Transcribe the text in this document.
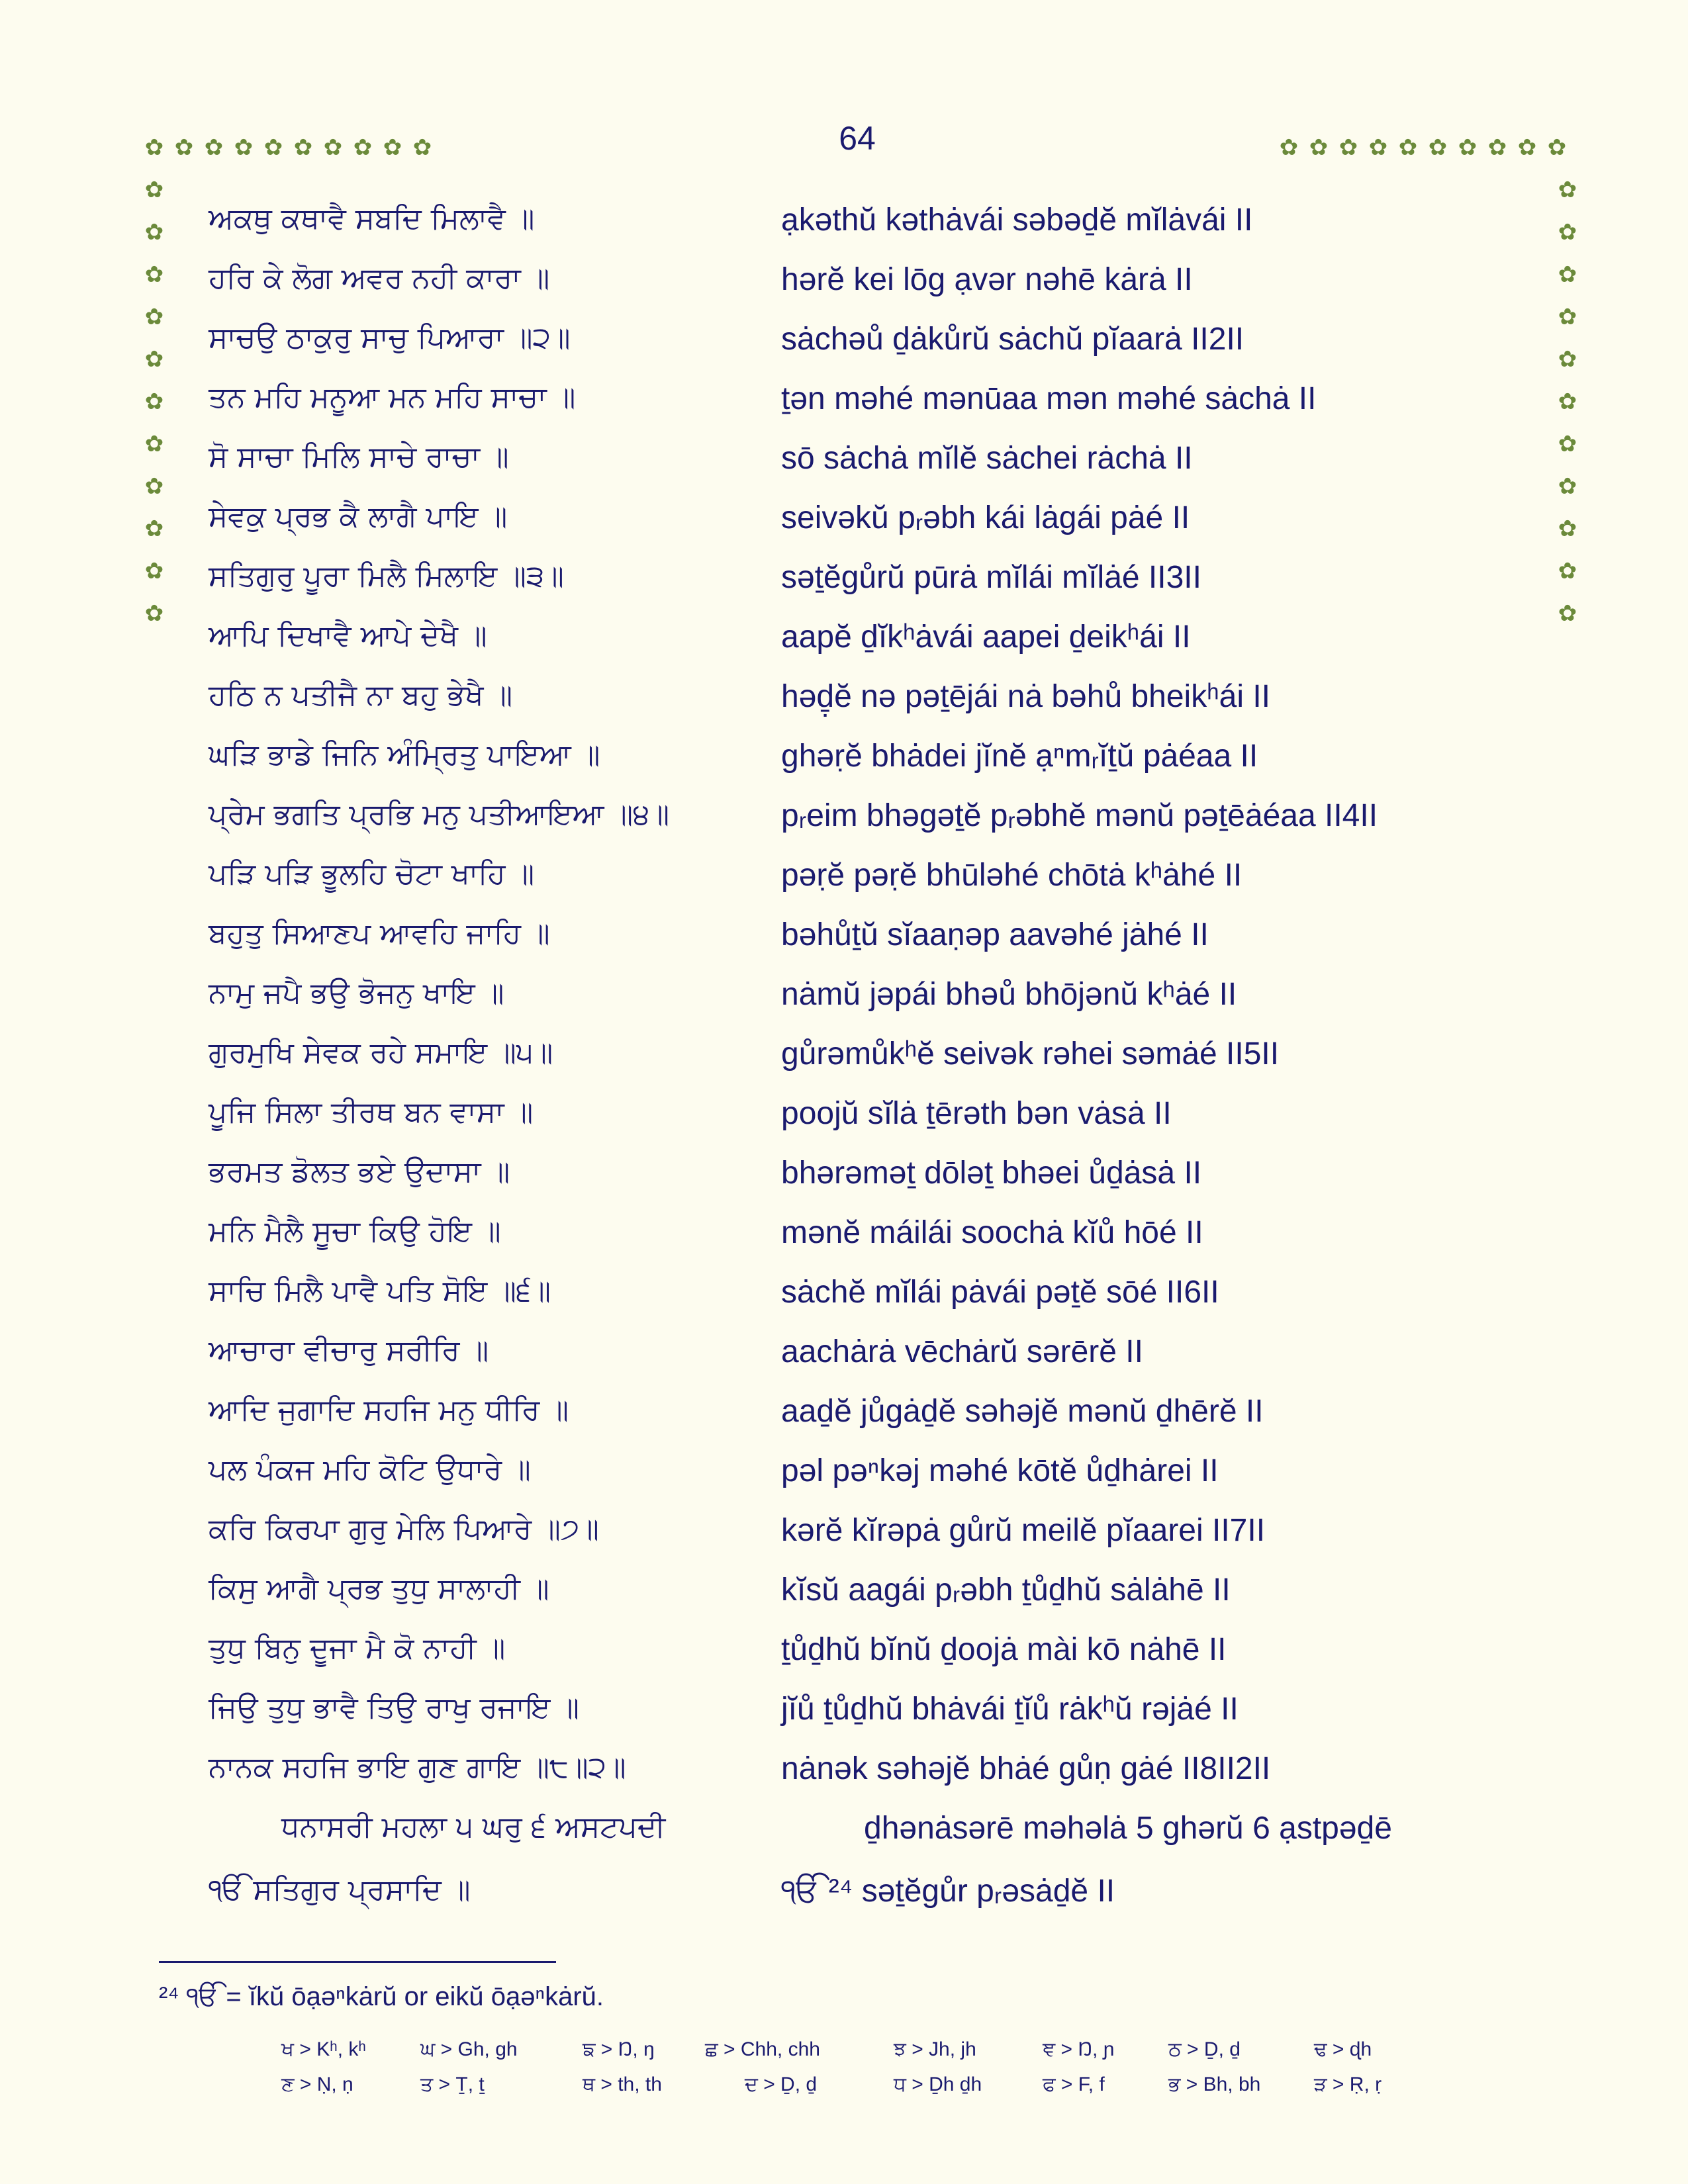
64
✿ ✿ ✿ ✿ ✿ ✿ ✿ ✿ ✿ ✿	✿ ✿ ✿ ✿ ✿ ✿ ✿ ✿ ✿ ✿
✿
✿
✿
✿
✿
✿
✿
✿
✿
✿
✿
✿
✿
✿
✿
✿
✿
✿
✿
✿
✿
✿
ਅਕਥੁ ਕਥਾਵੈ ਸਬਦਿ ਮਿਲਾਵੈ ॥	ạkəthŭ kəthȧvái səbəḏĕ mĭlȧvái II
ਹਰਿ ਕੇ ਲੋਗ ਅਵਰ ਨਹੀ ਕਾਰਾ ॥	hərĕ kei lōg ạvər nəhē kȧrȧ II
ਸਾਚਉ ਠਾਕੁਰੁ ਸਾਚੁ ਪਿਆਰਾ ॥੨॥	sȧchəů ḏȧkůrŭ sȧchŭ pĭaarȧ II2II
ਤਨ ਮਹਿ ਮਨੂਆ ਮਨ ਮਹਿ ਸਾਚਾ ॥	ṯən məhé mənūaa mən məhé sȧchȧ II
ਸੋ ਸਾਚਾ ਮਿਲਿ ਸਾਚੇ ਰਾਚਾ ॥	sō sȧchȧ mĭlĕ sȧchei rȧchȧ II
ਸੇਵਕੁ ਪ੍ਰਭ ਕੈ ਲਾਗੈ ਪਾਇ ॥	seivəkŭ pᵣəbh kái lȧgái pȧé II
ਸਤਿਗੁਰੁ ਪੂਰਾ ਮਿਲੈ ਮਿਲਾਇ ॥੩॥	səṯĕgůrŭ pūrȧ mĭlái mĭlȧé II3II
ਆਪਿ ਦਿਖਾਵੈ ਆਪੇ ਦੇਖੈ ॥	aapĕ ḏĭkʰȧvái aapei ḏeikʰái II
ਹਠਿ ਨ ਪਤੀਜੈ ਨਾ ਬਹੁ ਭੇਖੈ ॥	həḏ̣ĕ nə pəṯējái nȧ bəhů bheikʰái II
ਘੜਿ ਭਾਡੇ ਜਿਨਿ ਅੰਮ੍ਰਿਤੁ ਪਾਇਆ ॥	ghəṛĕ bhȧdei jĭnĕ ạⁿmᵣĭṯŭ pȧéaa II
ਪ੍ਰੇਮ ਭਗਤਿ ਪ੍ਰਭਿ ਮਨੁ ਪਤੀਆਇਆ ॥੪॥	pᵣeim bhəgəṯĕ pᵣəbhĕ mənŭ pəṯēȧéaa II4II
ਪੜਿ ਪੜਿ ਭੂਲਹਿ ਚੋਟਾ ਖਾਹਿ ॥	pəṛĕ pəṛĕ bhūləhé chōtȧ kʰȧhé II
ਬਹੁਤੁ ਸਿਆਣਪ ਆਵਹਿ ਜਾਹਿ ॥	bəhůṯŭ sĭaaṇəp aavəhé jȧhé II
ਨਾਮੁ ਜਪੈ ਭਉ ਭੋਜਨੁ ਖਾਇ ॥	nȧmŭ jəpái bhəů bhōjənŭ kʰȧé II
ਗੁਰਮੁਖਿ ਸੇਵਕ ਰਹੇ ਸਮਾਇ ॥੫॥	gůrəmůkʰĕ seivək rəhei səmȧé II5II
ਪੂਜਿ ਸਿਲਾ ਤੀਰਥ ਬਨ ਵਾਸਾ ॥	poojŭ sĭlȧ ṯērəth bən vȧsȧ II
ਭਰਮਤ ਡੋਲਤ ਭਏ ਉਦਾਸਾ ॥	bhərəməṯ dōləṯ bhəei ůḏȧsȧ II
ਮਨਿ ਮੈਲੈ ਸੂਚਾ ਕਿਉ ਹੋਇ ॥	mənĕ máilái soochȧ kĭů hōé II
ਸਾਚਿ ਮਿਲੈ ਪਾਵੈ ਪਤਿ ਸੋਇ ॥੬॥	sȧchĕ mĭlái pȧvái pəṯĕ sōé II6II
ਆਚਾਰਾ ਵੀਚਾਰੁ ਸਰੀਰਿ ॥	aachȧrȧ vēchȧrŭ sərērĕ II
ਆਦਿ ਜੁਗਾਦਿ ਸਹਜਿ ਮਨੁ ਧੀਰਿ ॥	aaḏĕ jůgȧḏĕ səhəjĕ mənŭ ḏhērĕ II
ਪਲ ਪੰਕਜ ਮਹਿ ਕੋਟਿ ਉਧਾਰੇ ॥	pəl pəⁿkəj məhé kōtĕ ůḏhȧrei II
ਕਰਿ ਕਿਰਪਾ ਗੁਰੁ ਮੇਲਿ ਪਿਆਰੇ ॥੭॥	kərĕ kĭrəpȧ gůrŭ meilĕ pĭaarei II7II
ਕਿਸੁ ਆਗੈ ਪ੍ਰਭ ਤੁਧੁ ਸਾਲਾਹੀ ॥	kĭsŭ aagái pᵣəbh ṯůḏhŭ sȧlȧhē II
ਤੁਧੁ ਬਿਨੁ ਦੂਜਾ ਮੈ ਕੋ ਨਾਹੀ ॥	ṯůḏhŭ bĭnŭ ḏoojȧ mài kō nȧhē II
ਜਿਉ ਤੁਧੁ ਭਾਵੈ ਤਿਉ ਰਾਖੁ ਰਜਾਇ ॥	jĭů ṯůḏhŭ bhȧvái ṯĭů rȧkʰŭ rəjȧé II
ਨਾਨਕ ਸਹਜਿ ਭਾਇ ਗੁਣ ਗਾਇ ॥੮॥੨॥	nȧnək səhəjĕ bhȧé gůṇ gȧé II8II2II
ਧਨਾਸਰੀ ਮਹਲਾ ੫ ਘਰੁ ੬ ਅਸਟਪਦੀ	ḏhənȧsərē məhəlȧ 5 ghərŭ 6 ạstpəḏē
ੴ ਸਤਿਗੁਰ ਪ੍ਰਸਾਦਿ ॥	ੴ ²⁴ səṯĕgůr pᵣəsȧḏĕ II
²⁴ ੴ = ĭkŭ ōạəⁿkȧrŭ or eikŭ ōạəⁿkȧrŭ.
ਖ > Kʰ, kʰ	ਘ > Gh, gh	ਙ > Ŋ, ŋ	ਛ > Chh, chh	ਝ > Jh, jh	ਞ > Ŋ, ɲ	ਠ > Ḏ, ḏ	ਢ > ɖh
ਣ > Ṇ, ṇ	ਤ > Ṯ, ṯ	ਥ > th, th	ਦ > Ḏ, ḏ	ਧ > Ḏh ḏh	ਫ > F, f	ਭ > Bh, bh	ੜ > Ṛ, ṛ
